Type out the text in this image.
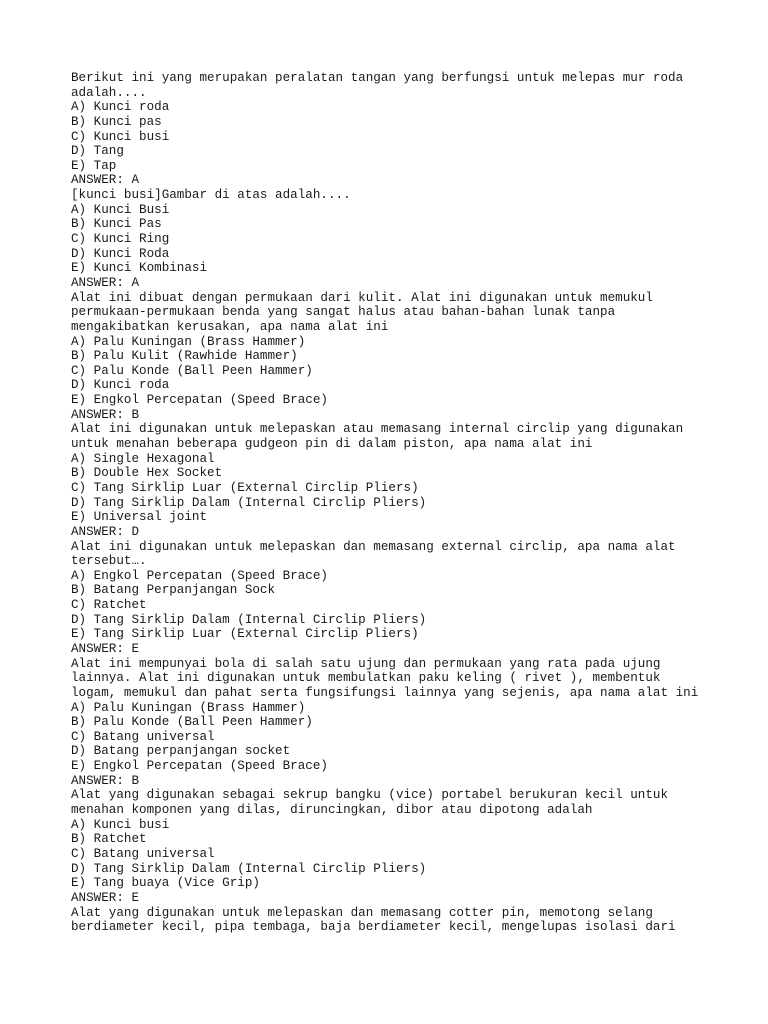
Berikut ini yang merupakan peralatan tangan yang berfungsi untuk melepas mur roda
adalah....
A) Kunci roda
B) Kunci pas
C) Kunci busi
D) Tang
E) Tap
ANSWER: A
[kunci busi]Gambar di atas adalah....
A) Kunci Busi
B) Kunci Pas
C) Kunci Ring
D) Kunci Roda
E) Kunci Kombinasi
ANSWER: A
Alat ini dibuat dengan permukaan dari kulit. Alat ini digunakan untuk memukul
permukaan-permukaan benda yang sangat halus atau bahan-bahan lunak tanpa
mengakibatkan kerusakan, apa nama alat ini
A) Palu Kuningan (Brass Hammer)
B) Palu Kulit (Rawhide Hammer)
C) Palu Konde (Ball Peen Hammer)
D) Kunci roda
E) Engkol Percepatan (Speed Brace)
ANSWER: B
Alat ini digunakan untuk melepaskan atau memasang internal circlip yang digunakan
untuk menahan beberapa gudgeon pin di dalam piston, apa nama alat ini
A) Single Hexagonal
B) Double Hex Socket
C) Tang Sirklip Luar (External Circlip Pliers)
D) Tang Sirklip Dalam (Internal Circlip Pliers)
E) Universal joint
ANSWER: D
Alat ini digunakan untuk melepaskan dan memasang external circlip, apa nama alat
tersebut….
A) Engkol Percepatan (Speed Brace)
B) Batang Perpanjangan Sock
C) Ratchet
D) Tang Sirklip Dalam (Internal Circlip Pliers)
E) Tang Sirklip Luar (External Circlip Pliers)
ANSWER: E
Alat ini mempunyai bola di salah satu ujung dan permukaan yang rata pada ujung
lainnya. Alat ini digunakan untuk membulatkan paku keling ( rivet ), membentuk
logam, memukul dan pahat serta fungsifungsi lainnya yang sejenis, apa nama alat ini
A) Palu Kuningan (Brass Hammer)
B) Palu Konde (Ball Peen Hammer)
C) Batang universal
D) Batang perpanjangan socket
E) Engkol Percepatan (Speed Brace)
ANSWER: B
Alat yang digunakan sebagai sekrup bangku (vice) portabel berukuran kecil untuk
menahan komponen yang dilas, diruncingkan, dibor atau dipotong adalah
A) Kunci busi
B) Ratchet
C) Batang universal
D) Tang Sirklip Dalam (Internal Circlip Pliers)
E) Tang buaya (Vice Grip)
ANSWER: E
Alat yang digunakan untuk melepaskan dan memasang cotter pin, memotong selang
berdiameter kecil, pipa tembaga, baja berdiameter kecil, mengelupas isolasi dari
